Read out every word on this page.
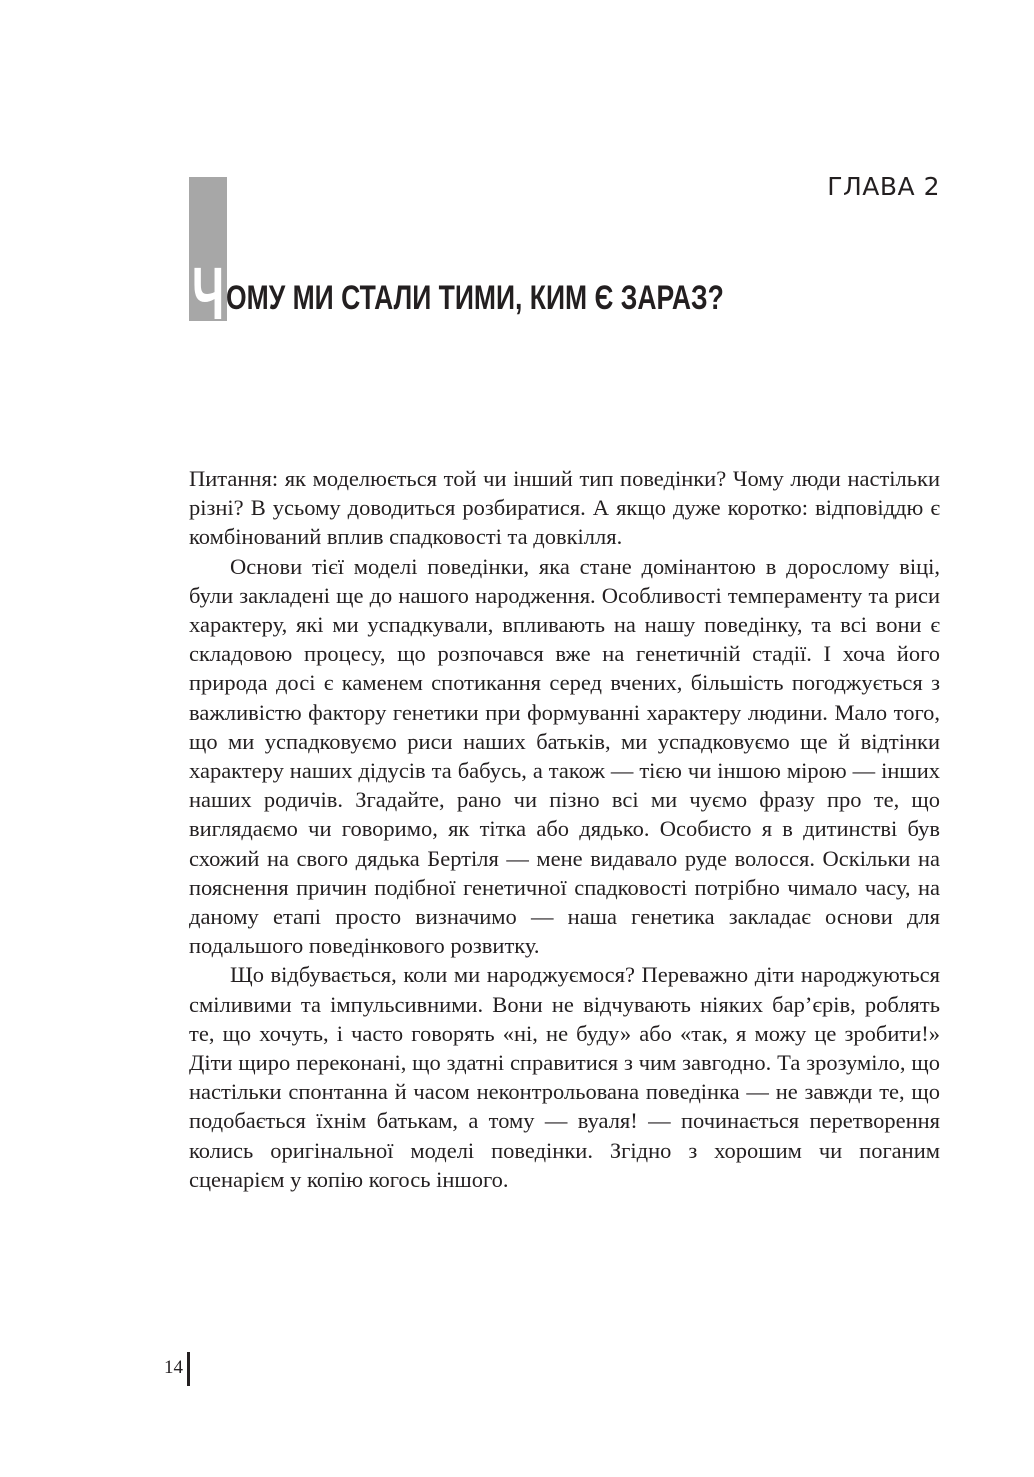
ГЛАВА 2
Ч ОМУ МИ СТАЛИ ТИМИ, КИМ Є ЗАРАЗ?

Питання: як моделюється той чи інший тип поведінки? Чому люди настільки різні? В усьому доводиться розбиратися. А якщо дуже коротко: відповіддю є комбінований вплив спадковості та довкілля.

Основи тієї моделі поведінки, яка стане домінантою в дорослому віці, були закладені ще до нашого народження. Особливості темпераменту та риси характеру, які ми успадкували, впливають на нашу поведінку, та всі вони є складовою процесу, що розпочався вже на генетичній стадії. І хоча його природа досі є каменем спотикання серед вчених, більшість погоджується з важливістю фактору генетики при формуванні характеру людини. Мало того, що ми успадковуємо риси наших батьків, ми успадковуємо ще й відтінки характеру наших дідусів та бабусь, а також — тією чи іншою мірою — інших наших родичів. Згадайте, рано чи пізно всі ми чуємо фразу про те, що виглядаємо чи говоримо, як тітка або дядько. Особисто я в дитинстві був схожий на свого дядька Бертіля — мене видавало руде волосся. Оскільки на пояснення причин подібної генетичної спадковості потрібно чимало часу, на даному етапі просто визначимо — наша генетика закладає основи для подальшого поведінкового розвитку.

Що відбувається, коли ми народжуємося? Переважно діти народжуються сміливими та імпульсивними. Вони не відчувають ніяких бар’єрів, роблять те, що хочуть, і часто говорять «ні, не буду» або «так, я можу це зробити!» Діти щиро переконані, що здатні справитися з чим завгодно. Та зрозуміло, що настільки спонтанна й часом неконтрольована поведінка — не завжди те, що подобається їхнім батькам, а тому — вуаля! — починається перетворення колись оригінальної моделі поведінки. Згідно з хорошим чи поганим сценарієм у копію когось іншого.

14
